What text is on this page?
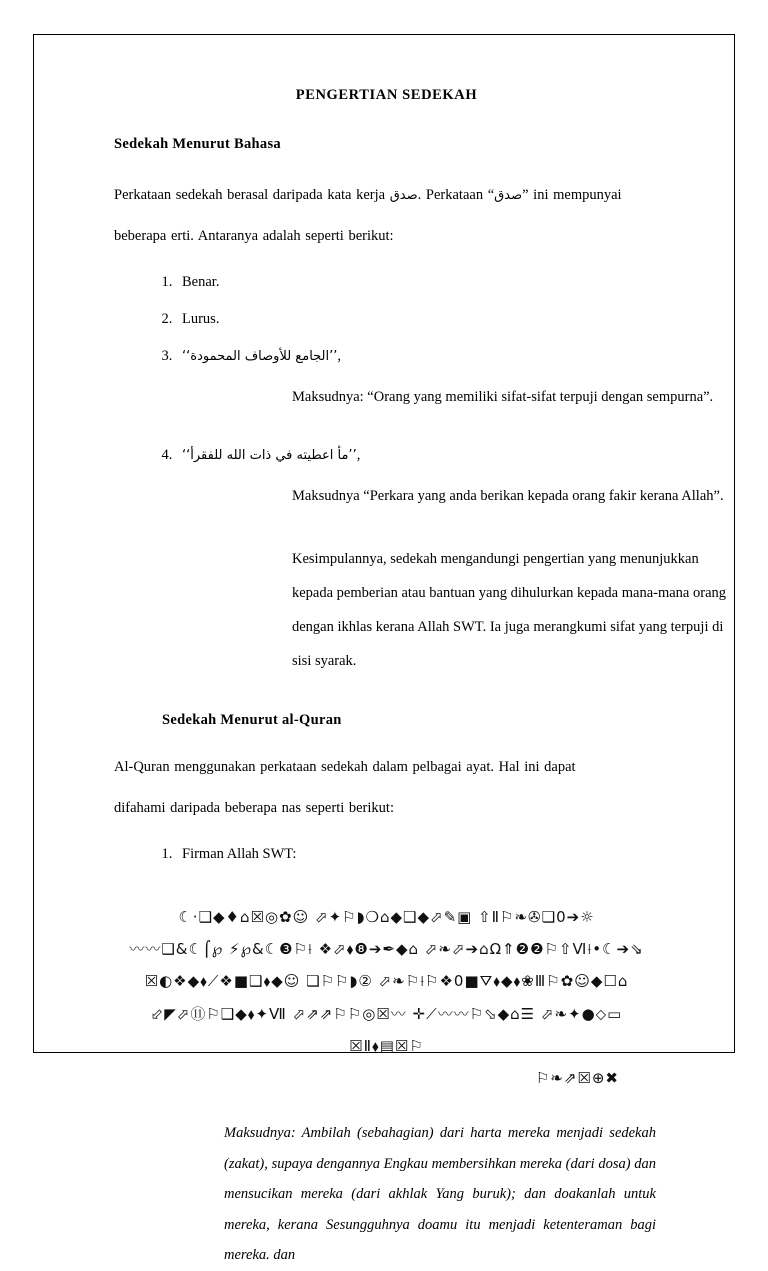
PENGERTIAN SEDEKAH
Sedekah Menurut Bahasa

Perkataan sedekah berasal daripada kata kerja صدق. Perkataan “صدق” ini mempunyai

beberapa erti. Antaranya adalah seperti berikut:

1. Benar.
2. Lurus.
3. ’’الجامع للأوصاف المحمودة‘‘,
Maksudnya: “Orang yang memiliki sifat-sifat terpuji dengan sempurna”.
4. ’’مأ اعطيته في ذات الله للفقرأ‘‘,
Maksudnya “Perkara yang anda berikan kepada orang fakir kerana Allah”.
Kesimpulannya, sedekah mengandungi pengertian yang menunjukkan kepada pemberian atau bantuan yang dihulurkan kepada mana-mana orang dengan ikhlas kerana Allah SWT. Ia juga merangkumi sifat yang terpuji di sisi syarak.
Sedekah Menurut al-Quran

Al-Quran menggunakan perkataan sedekah dalam pelbagai ayat. Hal ini dapat

difahami daripada beberapa nas seperti berikut:

1. Firman Allah SWT:
☾·❑◆♦⌂☒◎✿☺ ⬀✦⚐◗❍⌂◆❑◆⬀✎▣ ⇧Ⅱ⚐❧✇❏0➔☼
〰〰❑&☾⌠℘ ⚡℘&☾❸⚐⟊ ❖⬀⬧❽➔✒◆⌂ ⬀❧⬀➔⌂Ω⇑❷❷⚐⇧Ⅵ⟊•☾➔⇘
☒◐❖◆⬧⟋❖■❑⬧◆☺ ❏⚐⚐◗② ⬀❧⚐⟊⚐❖0■⛛⬧◆⬧❀Ⅲ⚐✿☺◆☐⌂
⬃◤⬀⑪⚐❑◆⬧✦Ⅶ ⬀⇗⇗⚐⚐◎☒〰 ✛⟋〰〰⚐⬂◆⌂☰ ⬀❧✦●⬦▭ ☒Ⅱ⬧▤☒⚐
⚐❧⇗☒⊕✖
Maksudnya: Ambilah (sebahagian) dari harta mereka menjadi sedekah (zakat), supaya dengannya Engkau membersihkan mereka (dari dosa) dan mensucikan mereka (dari akhlak Yang buruk); dan doakanlah untuk mereka, kerana Sesungguhnya doamu itu menjadi ketenteraman bagi mereka. dan
